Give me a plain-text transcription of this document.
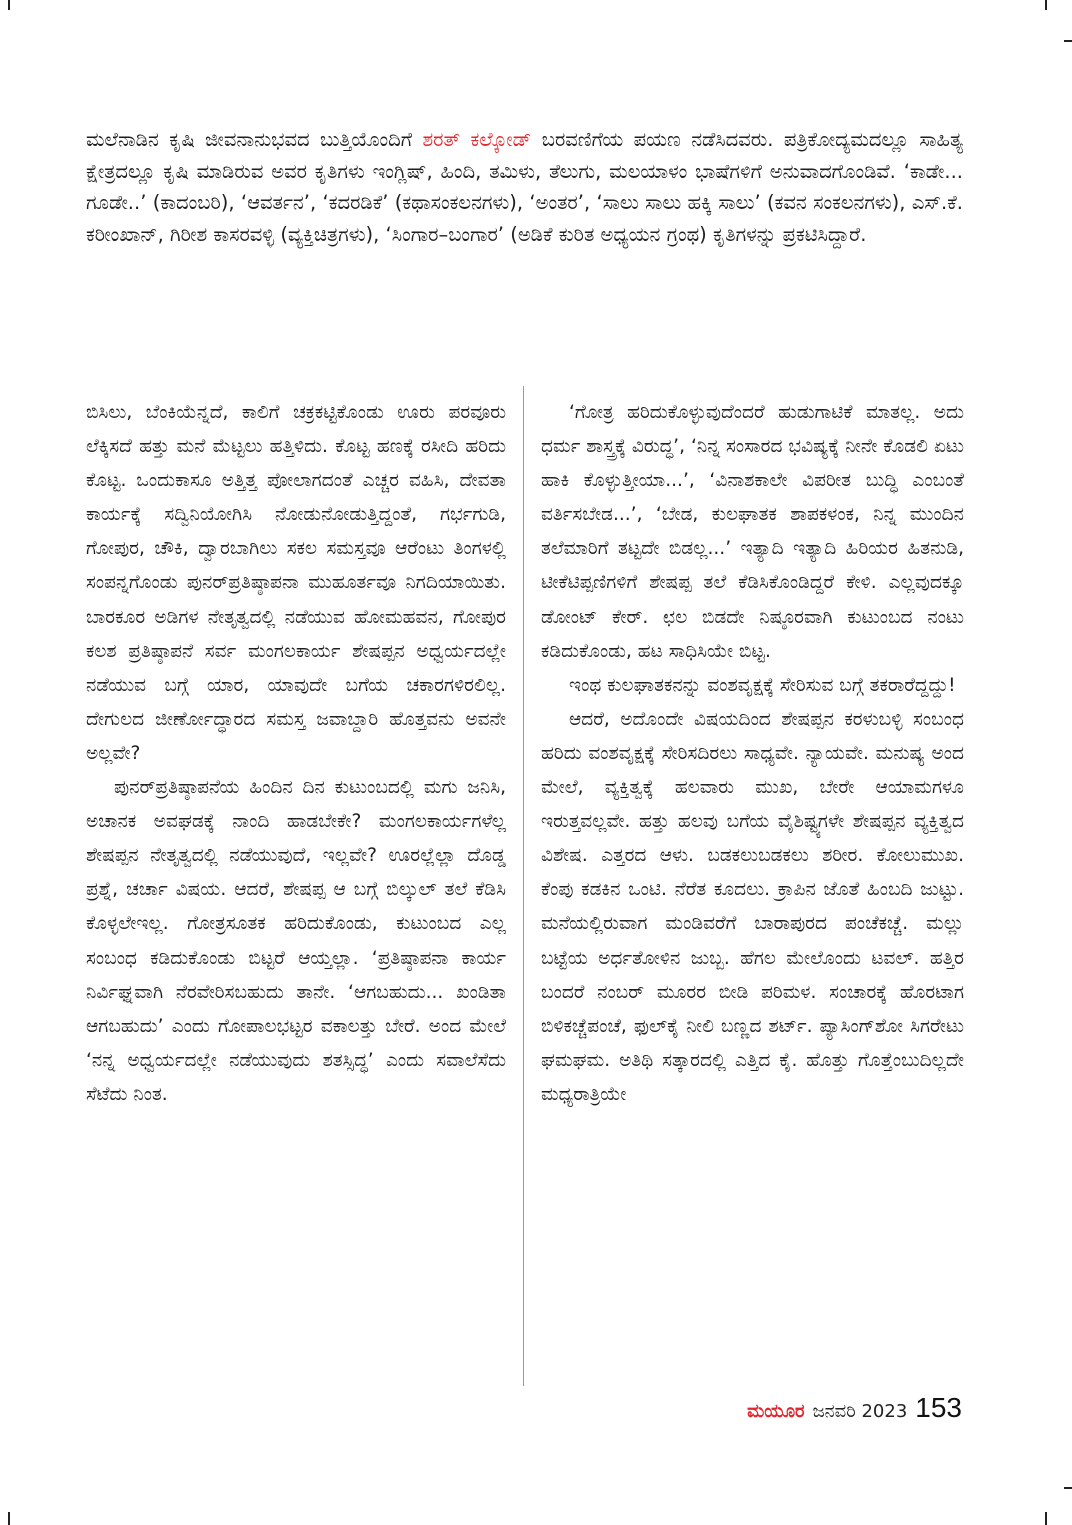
ಮಲೆನಾಡಿನ ಕೃಷಿ ಜೀವನಾನುಭವದ ಬುತ್ತಿಯೊಂದಿಗೆ ಶರತ್ ಕಲ್ಕೋಡ್ ಬರವಣಿಗೆಯ ಪಯಣ ನಡೆಸಿದವರು. ಪತ್ರಿಕೋದ್ಯಮದಲ್ಲೂ ಸಾಹಿತ್ಯ ಕ್ಷೇತ್ರದಲ್ಲೂ ಕೃಷಿ ಮಾಡಿರುವ ಅವರ ಕೃತಿಗಳು ಇಂಗ್ಲಿಷ್, ಹಿಂದಿ, ತಮಿಳು, ತೆಲುಗು, ಮಲಯಾಳಂ ಭಾಷೆಗಳಿಗೆ ಅನುವಾದಗೊಂಡಿವೆ. ‘ಕಾಡೇ... ಗೂಡೇ..’ (ಕಾದಂಬರಿ), ‘ಆವರ್ತನ’, ‘ಕದರಡಿಕೆ’ (ಕಥಾಸಂಕಲನಗಳು), ‘ಅಂತರ’, ‘ಸಾಲು ಸಾಲು ಹಕ್ಕಿ ಸಾಲು’ (ಕವನ ಸಂಕಲನಗಳು), ಎಸ್.ಕೆ. ಕರೀಂಖಾನ್, ಗಿರೀಶ ಕಾಸರವಳ್ಳಿ (ವ್ಯಕ್ತಿಚಿತ್ರಗಳು), ‘ಸಿಂಗಾರ–ಬಂಗಾರ’ (ಅಡಿಕೆ ಕುರಿತ ಅಧ್ಯಯನ ಗ್ರಂಥ) ಕೃತಿಗಳನ್ನು ಪ್ರಕಟಿಸಿದ್ದಾರೆ.

ಬಿಸಿಲು, ಬೆಂಕಿಯೆನ್ನದೆ, ಕಾಲಿಗೆ ಚಕ್ರಕಟ್ಟಿಕೊಂಡು ಊರು ಪರವೂರು ಲೆಕ್ಕಿಸದೆ ಹತ್ತು ಮನೆ ಮೆಟ್ಟಲು ಹತ್ತಿಳಿದು. ಕೊಟ್ಟ ಹಣಕ್ಕೆ ರಸೀದಿ ಹರಿದು ಕೊಟ್ಟ. ಒಂದುಕಾಸೂ ಅತ್ತಿತ್ತ ಪೋಲಾಗದಂತೆ ಎಚ್ಚರ ವಹಿಸಿ, ದೇವತಾ ಕಾರ್ಯಕ್ಕೆ ಸದ್ವಿನಿಯೋಗಿಸಿ ನೋಡುನೋಡುತ್ತಿದ್ದಂತೆ, ಗರ್ಭಗುಡಿ, ಗೋಪುರ, ಚೌಕಿ, ದ್ವಾರಬಾಗಿಲು ಸಕಲ ಸಮಸ್ತವೂ ಆರೆಂಟು ತಿಂಗಳಲ್ಲಿ ಸಂಪನ್ನಗೊಂಡು ಪುನರ್‌ಪ್ರತಿಷ್ಠಾಪನಾ ಮುಹೂರ್ತವೂ ನಿಗದಿಯಾಯಿತು. ಬಾರಕೂರ ಅಡಿಗಳ ನೇತೃತ್ವದಲ್ಲಿ ನಡೆಯುವ ಹೋಮಹವನ, ಗೋಪುರ ಕಲಶ ಪ್ರತಿಷ್ಠಾಪನೆ ಸರ್ವ ಮಂಗಲಕಾರ್ಯ ಶೇಷಪ್ಪನ ಅಧ್ವರ್ಯದಲ್ಲೇ ನಡೆಯುವ ಬಗ್ಗೆ ಯಾರ, ಯಾವುದೇ ಬಗೆಯ ಚಕಾರಗಳಿರಲಿಲ್ಲ. ದೇಗುಲದ ಜೀರ್ಣೋದ್ಧಾರದ ಸಮಸ್ತ ಜವಾಬ್ದಾರಿ ಹೊತ್ತವನು ಅವನೇ ಅಲ್ಲವೇ?

ಪುನರ್‌ಪ್ರತಿಷ್ಠಾಪನೆಯ ಹಿಂದಿನ ದಿನ ಕುಟುಂಬದಲ್ಲಿ ಮಗು ಜನಿಸಿ, ಅಚಾನಕ ಅವಘಡಕ್ಕೆ ನಾಂದಿ ಹಾಡಬೇಕೇ? ಮಂಗಲಕಾರ್ಯಗಳೆಲ್ಲ ಶೇಷಪ್ಪನ ನೇತೃತ್ವದಲ್ಲಿ ನಡೆಯುವುದೆ, ಇಲ್ಲವೇ? ಊರಲ್ಲೆಲ್ಲಾ ದೊಡ್ಡ ಪ್ರಶ್ನೆ, ಚರ್ಚಾ ವಿಷಯ. ಆದರೆ, ಶೇಷಪ್ಪ ಆ ಬಗ್ಗೆ ಬಿಲ್ಕುಲ್ ತಲೆ ಕೆಡಿಸಿ ಕೊಳ್ಳಲೇಇಲ್ಲ. ಗೋತ್ರಸೂತಕ ಹರಿದುಕೊಂಡು, ಕುಟುಂಬದ ಎಲ್ಲ ಸಂಬಂಧ ಕಡಿದುಕೊಂಡು ಬಿಟ್ಟರೆ ಆಯ್ತಲ್ಲಾ. ‘ಪ್ರತಿಷ್ಠಾಪನಾ ಕಾರ್ಯ ನಿರ್ವಿಘ್ನವಾಗಿ ನೆರವೇರಿಸಬಹುದು ತಾನೇ. ‘ಆಗಬಹುದು... ಖಂಡಿತಾ ಆಗಬಹುದು’ ಎಂದು ಗೋಪಾಲಭಟ್ಟರ ವಕಾಲತ್ತು ಬೇರೆ. ಅಂದ ಮೇಲೆ ‘ನನ್ನ ಅಧ್ವರ್ಯದಲ್ಲೇ ನಡೆಯುವುದು ಶತಸ್ಸಿದ್ಧ’ ಎಂದು ಸವಾಲೆಸೆದು ಸೆಟೆದು ನಿಂತ.

‘ಗೋತ್ರ ಹರಿದುಕೊಳ್ಳುವುದೆಂದರೆ ಹುಡುಗಾಟಿಕೆ ಮಾತಲ್ಲ. ಅದು ಧರ್ಮ ಶಾಸ್ತ್ರಕ್ಕೆ ವಿರುದ್ಧ’, ‘ನಿನ್ನ ಸಂಸಾರದ ಭವಿಷ್ಯಕ್ಕೆ ನೀನೇ ಕೊಡಲಿ ಏಟು ಹಾಕಿ ಕೊಳ್ಳುತ್ತೀಯಾ...’, ‘ವಿನಾಶಕಾಲೇ ವಿಪರೀತ ಬುದ್ಧಿ ಎಂಬಂತೆ ವರ್ತಿಸಬೇಡ...’, ‘ಬೇಡ, ಕುಲಘಾತಕ ಶಾಪಕಳಂಕ, ನಿನ್ನ ಮುಂದಿನ ತಲೆಮಾರಿಗೆ ತಟ್ಟದೇ ಬಿಡಲ್ಲ...’ ಇತ್ಯಾದಿ ಇತ್ಯಾದಿ ಹಿರಿಯರ ಹಿತನುಡಿ, ಟೀಕೆಟಿಪ್ಪಣಿಗಳಿಗೆ ಶೇಷಪ್ಪ ತಲೆ ಕೆಡಿಸಿಕೊಂಡಿದ್ದರೆ ಕೇಳಿ. ಎಲ್ಲವುದಕ್ಕೂ ಡೋಂಟ್ ಕೇರ್. ಛಲ ಬಿಡದೇ ನಿಷ್ಠೂರವಾಗಿ ಕುಟುಂಬದ ನಂಟು ಕಡಿದುಕೊಂಡು, ಹಟ ಸಾಧಿಸಿಯೇ ಬಿಟ್ಟ.

ಇಂಥ ಕುಲಘಾತಕನನ್ನು ವಂಶವೃಕ್ಷಕ್ಕೆ ಸೇರಿಸುವ ಬಗ್ಗೆ ತಕರಾರೆದ್ದದ್ದು!

ಆದರೆ, ಅದೊಂದೇ ವಿಷಯದಿಂದ ಶೇಷಪ್ಪನ ಕರಳುಬಳ್ಳಿ ಸಂಬಂಧ ಹರಿದು ವಂಶವೃಕ್ಷಕ್ಕೆ ಸೇರಿಸದಿರಲು ಸಾಧ್ಯವೇ. ನ್ಯಾಯವೇ. ಮನುಷ್ಯ ಅಂದ ಮೇಲೆ, ವ್ಯಕ್ತಿತ್ವಕ್ಕೆ ಹಲವಾರು ಮುಖ, ಬೇರೇ ಆಯಾಮಗಳೂ ಇರುತ್ತವಲ್ಲವೇ. ಹತ್ತು ಹಲವು ಬಗೆಯ ವೈಶಿಷ್ಟ್ಯಗಳೇ ಶೇಷಪ್ಪನ ವ್ಯಕ್ತಿತ್ವದ ವಿಶೇಷ. ಎತ್ತರದ ಆಳು. ಬಡಕಲುಬಡಕಲು ಶರೀರ. ಕೋಲುಮುಖ. ಕೆಂಪು ಕಡಕಿನ ಒಂಟಿ. ನೆರೆತ ಕೂದಲು. ಕ್ರಾಪಿನ ಜೊತೆ ಹಿಂಬದಿ ಜುಟ್ಟು. ಮನೆಯಲ್ಲಿರುವಾಗ ಮಂಡಿವರೆಗೆ ಬಾರಾಪುರದ ಪಂಚೆಕಚ್ಚೆ. ಮಲ್ಲು ಬಟ್ಟೆಯ ಅರ್ಧತೋಳಿನ ಜುಬ್ಬ. ಹೆಗಲ ಮೇಲೊಂದು ಟವಲ್. ಹತ್ತಿರ ಬಂದರೆ ನಂಬರ್ ಮೂರರ ಬೀಡಿ ಪರಿಮಳ. ಸಂಚಾರಕ್ಕೆ ಹೊರಟಾಗ ಬಿಳಿಕಚ್ಚೆಪಂಚೆ, ಫುಲ್‌ಕೈ ನೀಲಿ ಬಣ್ಣದ ಶರ್ಟ್. ಪ್ಯಾಸಿಂಗ್‌ಶೋ ಸಿಗರೇಟು ಘಮಘಮ. ಅತಿಥಿ ಸತ್ಕಾರದಲ್ಲಿ ಎತ್ತಿದ ಕೈ. ಹೊತ್ತು ಗೊತ್ತೆಂಬುದಿಲ್ಲದೇ ಮಧ್ಯರಾತ್ರಿಯೇ

ಮಯೂರ ಜನವರಿ 2023 153
